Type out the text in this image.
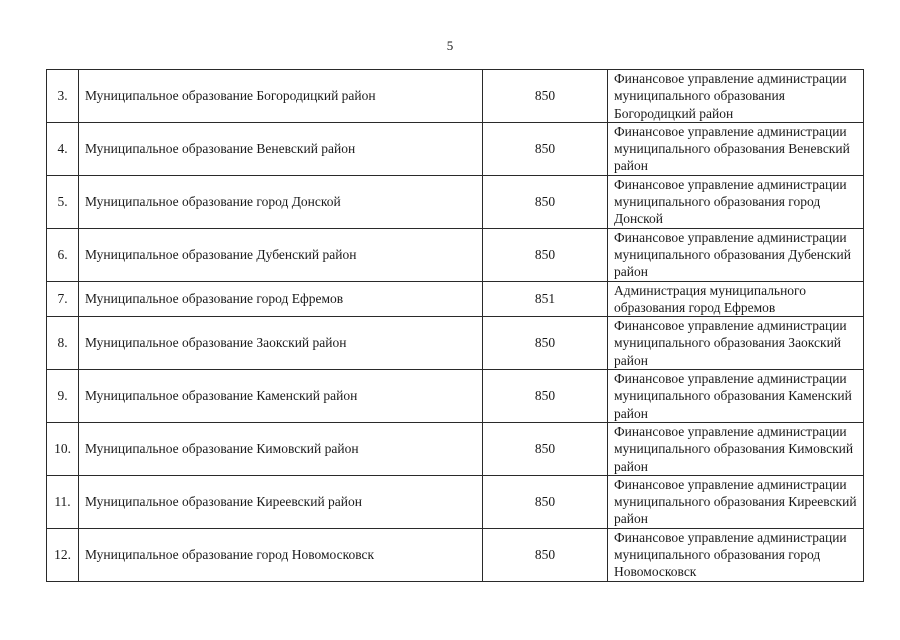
5
3.	Муниципальное образование Богородицкий район	850	Финансовое управление администрации муниципального образования Богородицкий район
4.	Муниципальное образование Веневский район	850	Финансовое управление администрации муниципального образования Веневский район
5.	Муниципальное образование город Донской	850	Финансовое управление администрации муниципального образования город Донской
6.	Муниципальное образование Дубенский район	850	Финансовое управление администрации муниципального образования Дубенский район
7.	Муниципальное образование город Ефремов	851	Администрация муниципального образования город Ефремов
8.	Муниципальное образование Заокский район	850	Финансовое управление администрации муниципального образования Заокский район
9.	Муниципальное образование Каменский район	850	Финансовое управление администрации муниципального образования Каменский район
10.	Муниципальное образование Кимовский район	850	Финансовое управление администрации муниципального образования Кимовский район
11.	Муниципальное образование Киреевский район	850	Финансовое управление администрации муниципального образования Киреевский район
12.	Муниципальное образование город Новомосковск	850	Финансовое управление администрации муниципального образования город Новомосковск
